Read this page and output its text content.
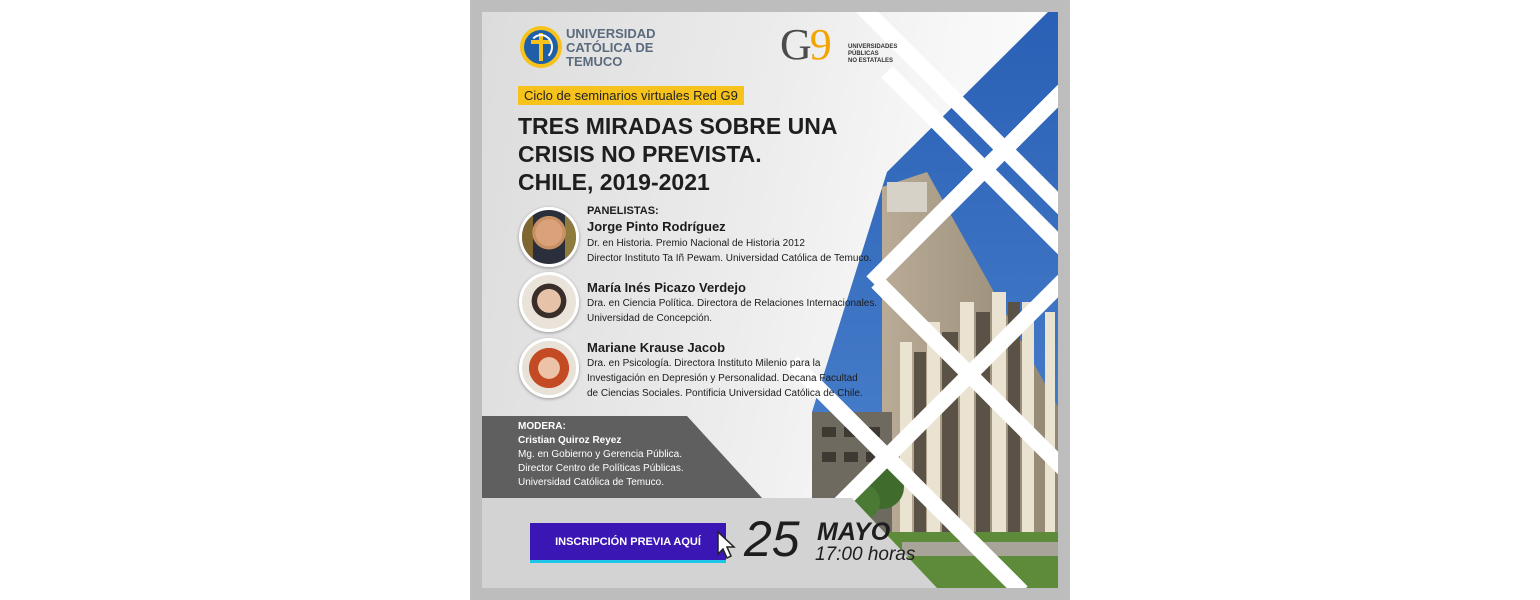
UNIVERSIDAD
CATÓLICA DE
TEMUCO	G9	UNIVERSIDADES
PÚBLICAS
NO ESTATALES
Ciclo de seminarios virtuales Red G9
TRES MIRADAS SOBRE UNA
CRISIS NO PREVISTA.
CHILE, 2019-2021
PANELISTAS:
Jorge Pinto Rodríguez
Dr. en Historia. Premio Nacional de Historia 2012
Director Instituto Ta Iñ Pewam. Universidad Católica de Temuco.
María Inés Picazo Verdejo
Dra. en Ciencia Política. Directora de Relaciones Internacionales.
Universidad de Concepción.
Mariane Krause Jacob
Dra. en Psicología. Directora Instituto Milenio para la
Investigación en Depresión y Personalidad. Decana Facultad
de Ciencias Sociales. Pontificia Universidad Católica de Chile.
MODERA:
Cristian Quiroz Reyez
Mg. en Gobierno y Gerencia Pública.
Director Centro de Políticas Públicas.
Universidad Católica de Temuco.
INSCRIPCIÓN PREVIA AQUÍ 25 MAYO
17:00 horas
